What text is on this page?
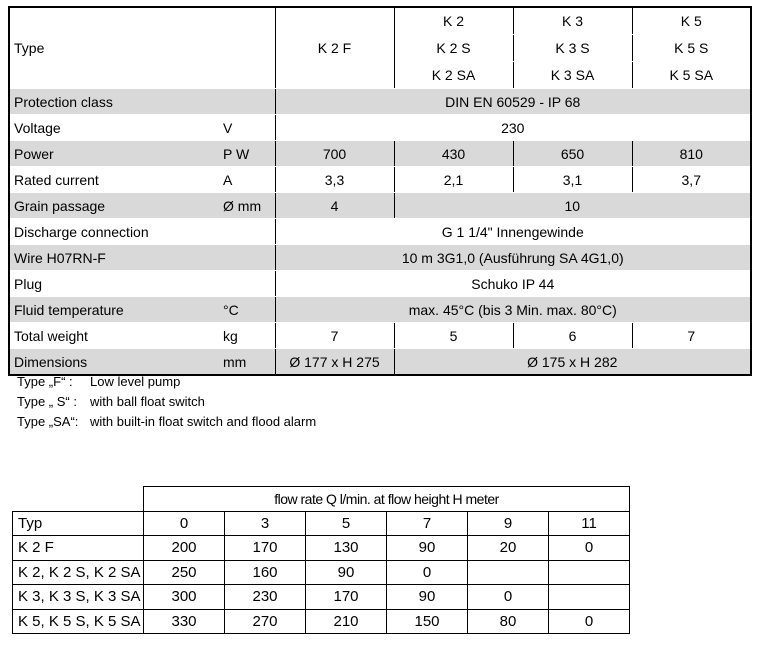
Type		K 2 F	K 2	K 3	K 5
			K 2 S	K 3 S	K 5 S
			K 2 SA	K 3 SA	K 5 SA
Protection class		DIN EN 60529 - IP 68			
Voltage	V	230			
Power	P W	700	430	650	810
Rated current	A	3,3	2,1	3,1	3,7
Grain passage	Ø mm	4	10		
Discharge connection		G 1 1/4" Innengewinde			
Wire H07RN-F		10 m 3G1,0 (Ausführung SA 4G1,0)			
Plug		Schuko IP 44			
Fluid temperature	°C	max. 45°C (bis 3 Min. max. 80°C)			
Total weight	kg	7	5	6	7
Dimensions	mm	Ø 177 x H 275	Ø 175 x H 282		
Type „F“ :	Low level pump
Type „ S“ :	with ball float switch
Type „SA“: with built-in float switch and flood alarm
	flow rate Q l/min. at flow height H meter					
Typ	0	3	5	7	9	11
K 2 F	200	170	130	90	20	0
K 2, K 2 S, K 2 SA	250	160	90	0		
K 3, K 3 S, K 3 SA	300	230	170	90	0	
K 5, K 5 S, K 5 SA	330	270	210	150	80	0
